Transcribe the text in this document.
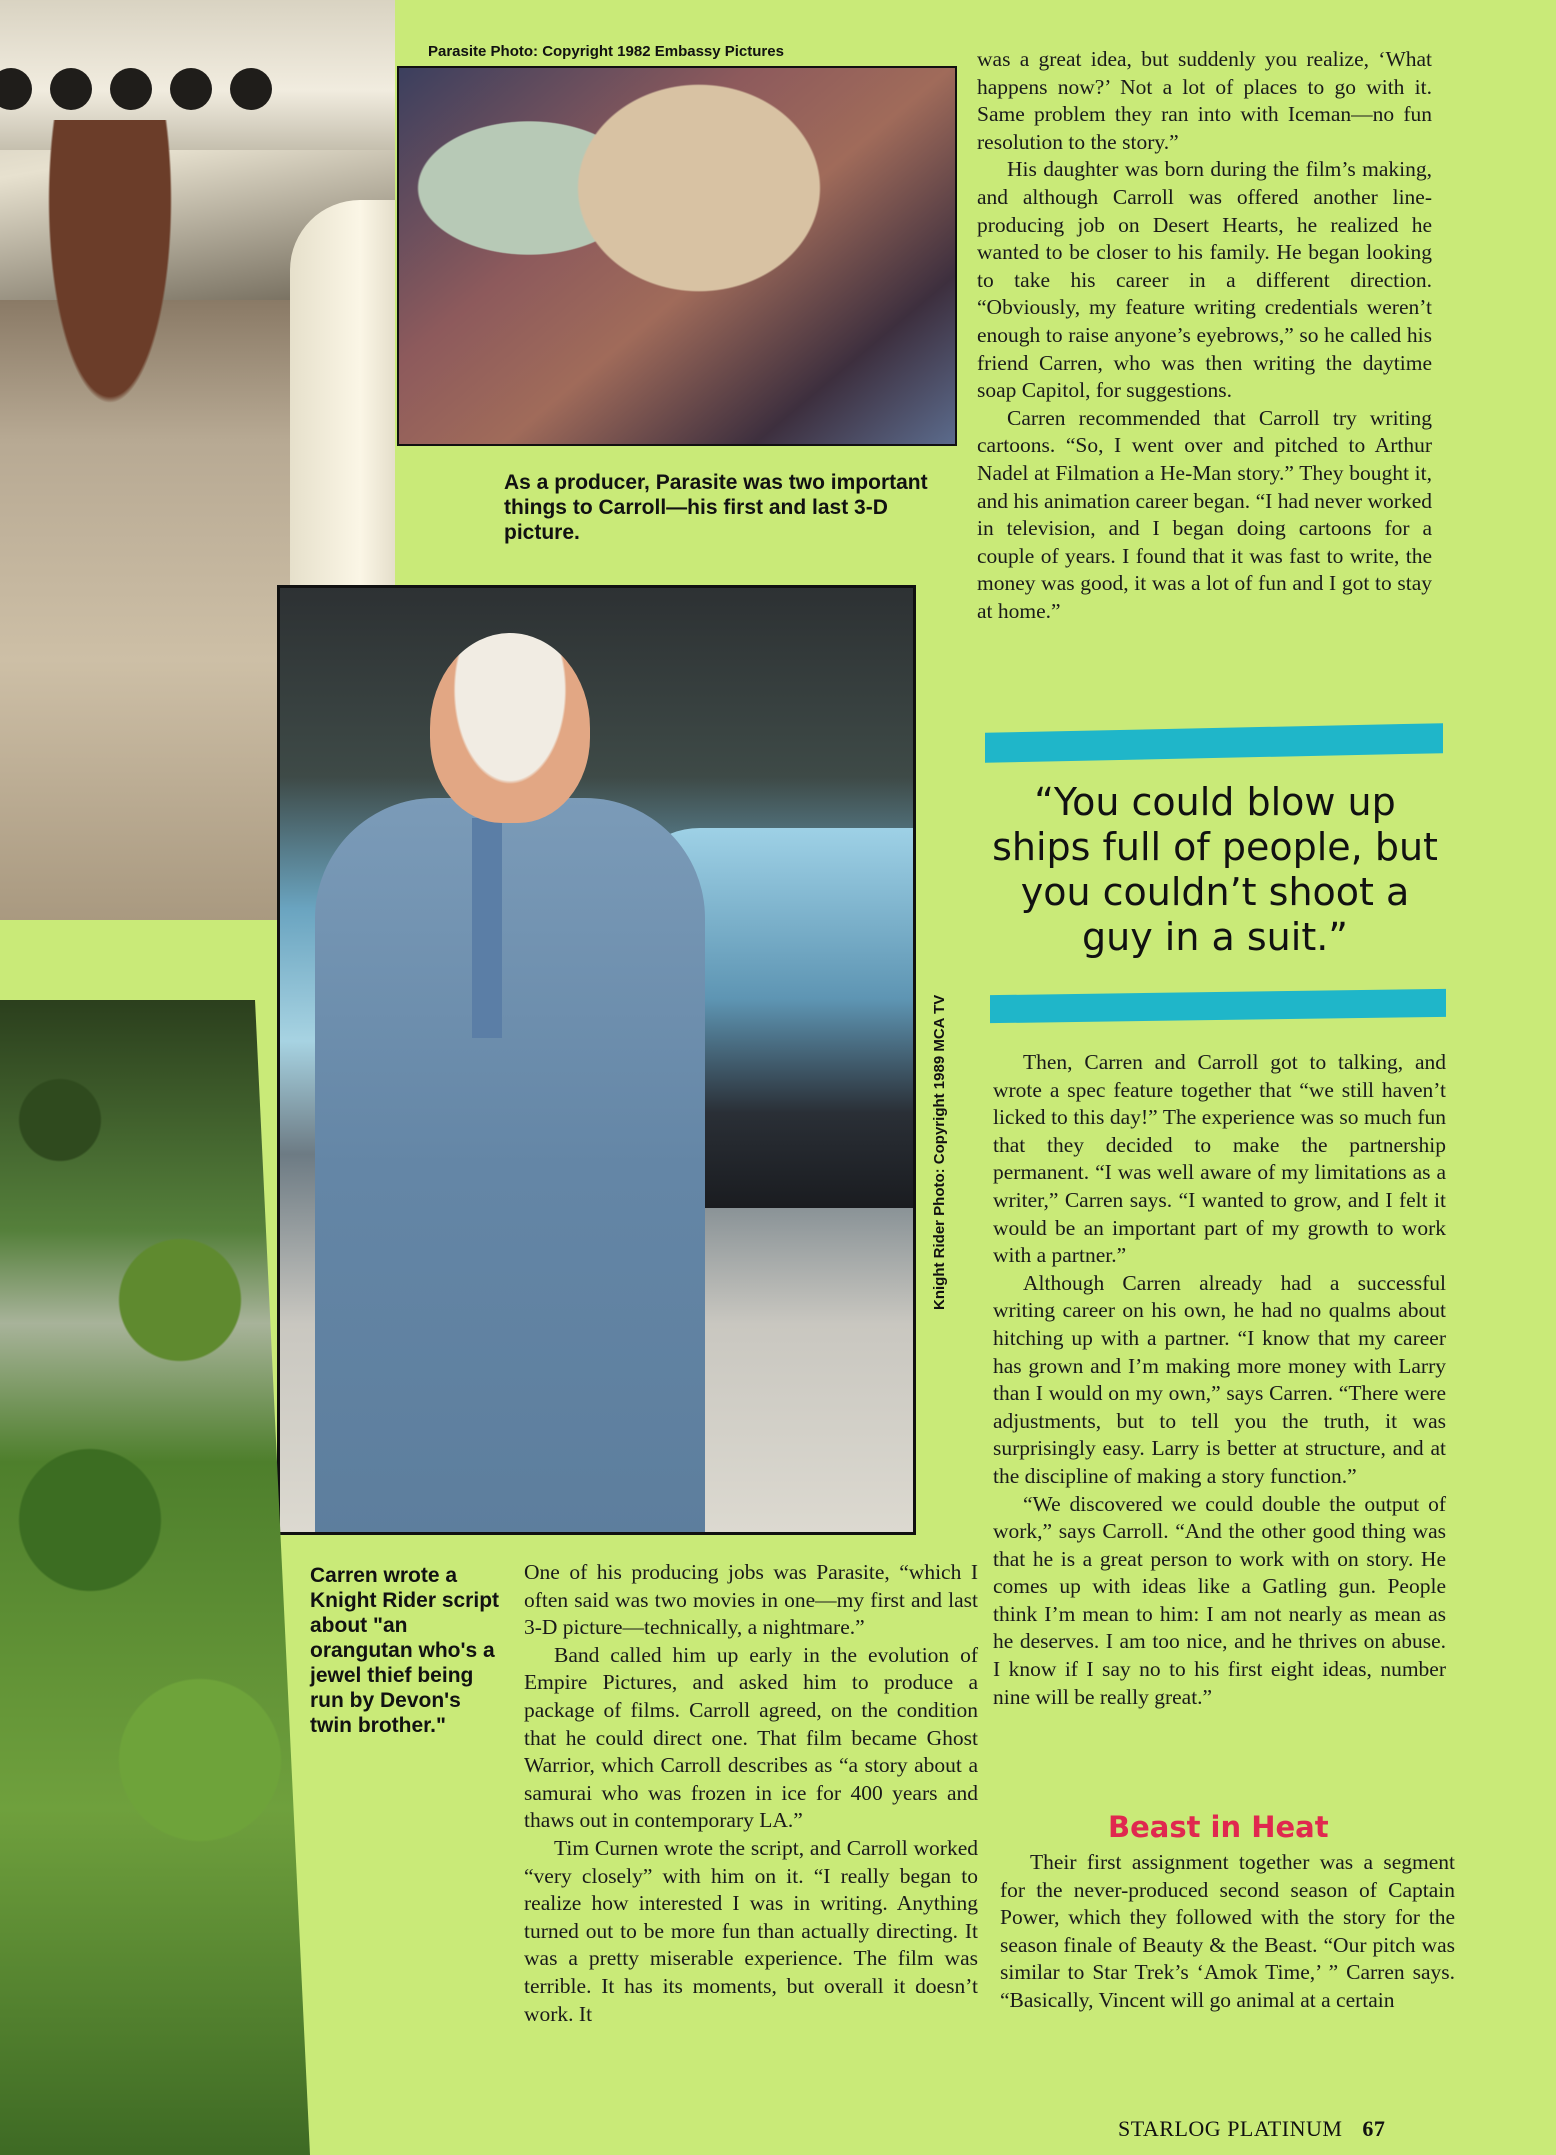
Parasite Photo: Copyright 1982 Embassy Pictures
Knight Rider Photo: Copyright 1989 MCA TV
As a producer, Parasite was two important things to Carroll—his first and last 3-D picture.
Carren wrote a Knight Rider script about "an orangutan who's a jewel thief being run by Devon's twin brother."

was a great idea, but suddenly you realize, ‘What happens now?’ Not a lot of places to go with it. Same problem they ran into with Iceman—no fun resolution to the story.”

His daughter was born during the film’s making, and although Carroll was offered another line-producing job on Desert Hearts, he realized he wanted to be closer to his family. He began looking to take his career in a different direction. “Obviously, my feature writing credentials weren’t enough to raise anyone’s eyebrows,” so he called his friend Carren, who was then writing the daytime soap Capitol, for suggestions.

Carren recommended that Carroll try writing cartoons. “So, I went over and pitched to Arthur Nadel at Filmation a He-Man story.” They bought it, and his animation career began. “I had never worked in television, and I began doing cartoons for a couple of years. I found that it was fast to write, the money was good, it was a lot of fun and I got to stay at home.”

“You could blow up ships full of people, but you couldn’t shoot a guy in a suit.”

Then, Carren and Carroll got to talking, and wrote a spec feature together that “we still haven’t licked to this day!” The experience was so much fun that they decided to make the partnership permanent. “I was well aware of my limitations as a writer,” Carren says. “I wanted to grow, and I felt it would be an important part of my growth to work with a partner.”

Although Carren already had a successful writing career on his own, he had no qualms about hitching up with a partner. “I know that my career has grown and I’m making more money with Larry than I would on my own,” says Carren. “There were adjustments, but to tell you the truth, it was surprisingly easy. Larry is better at structure, and at the discipline of making a story function.”

“We discovered we could double the output of work,” says Carroll. “And the other good thing was that he is a great person to work with on story. He comes up with ideas like a Gatling gun. People think I’m mean to him: I am not nearly as mean as he deserves. I am too nice, and he thrives on abuse. I know if I say no to his first eight ideas, number nine will be really great.”

Beast in Heat

Their first assignment together was a segment for the never-produced second season of Captain Power, which they followed with the story for the season finale of Beauty & the Beast. “Our pitch was similar to Star Trek’s ‘Amok Time,’ ” Carren says. “Basically, Vincent will go animal at a certain

One of his producing jobs was Parasite, “which I often said was two movies in one—my first and last 3-D picture—technically, a nightmare.”

Band called him up early in the evolution of Empire Pictures, and asked him to produce a package of films. Carroll agreed, on the condition that he could direct one. That film became Ghost Warrior, which Carroll describes as “a story about a samurai who was frozen in ice for 400 years and thaws out in contemporary LA.”

Tim Curnen wrote the script, and Carroll worked “very closely” with him on it. “I really began to realize how interested I was in writing. Anything turned out to be more fun than actually directing. It was a pretty miserable experience. The film was terrible. It has its moments, but overall it doesn’t work. It

STARLOG PLATINUM 67
